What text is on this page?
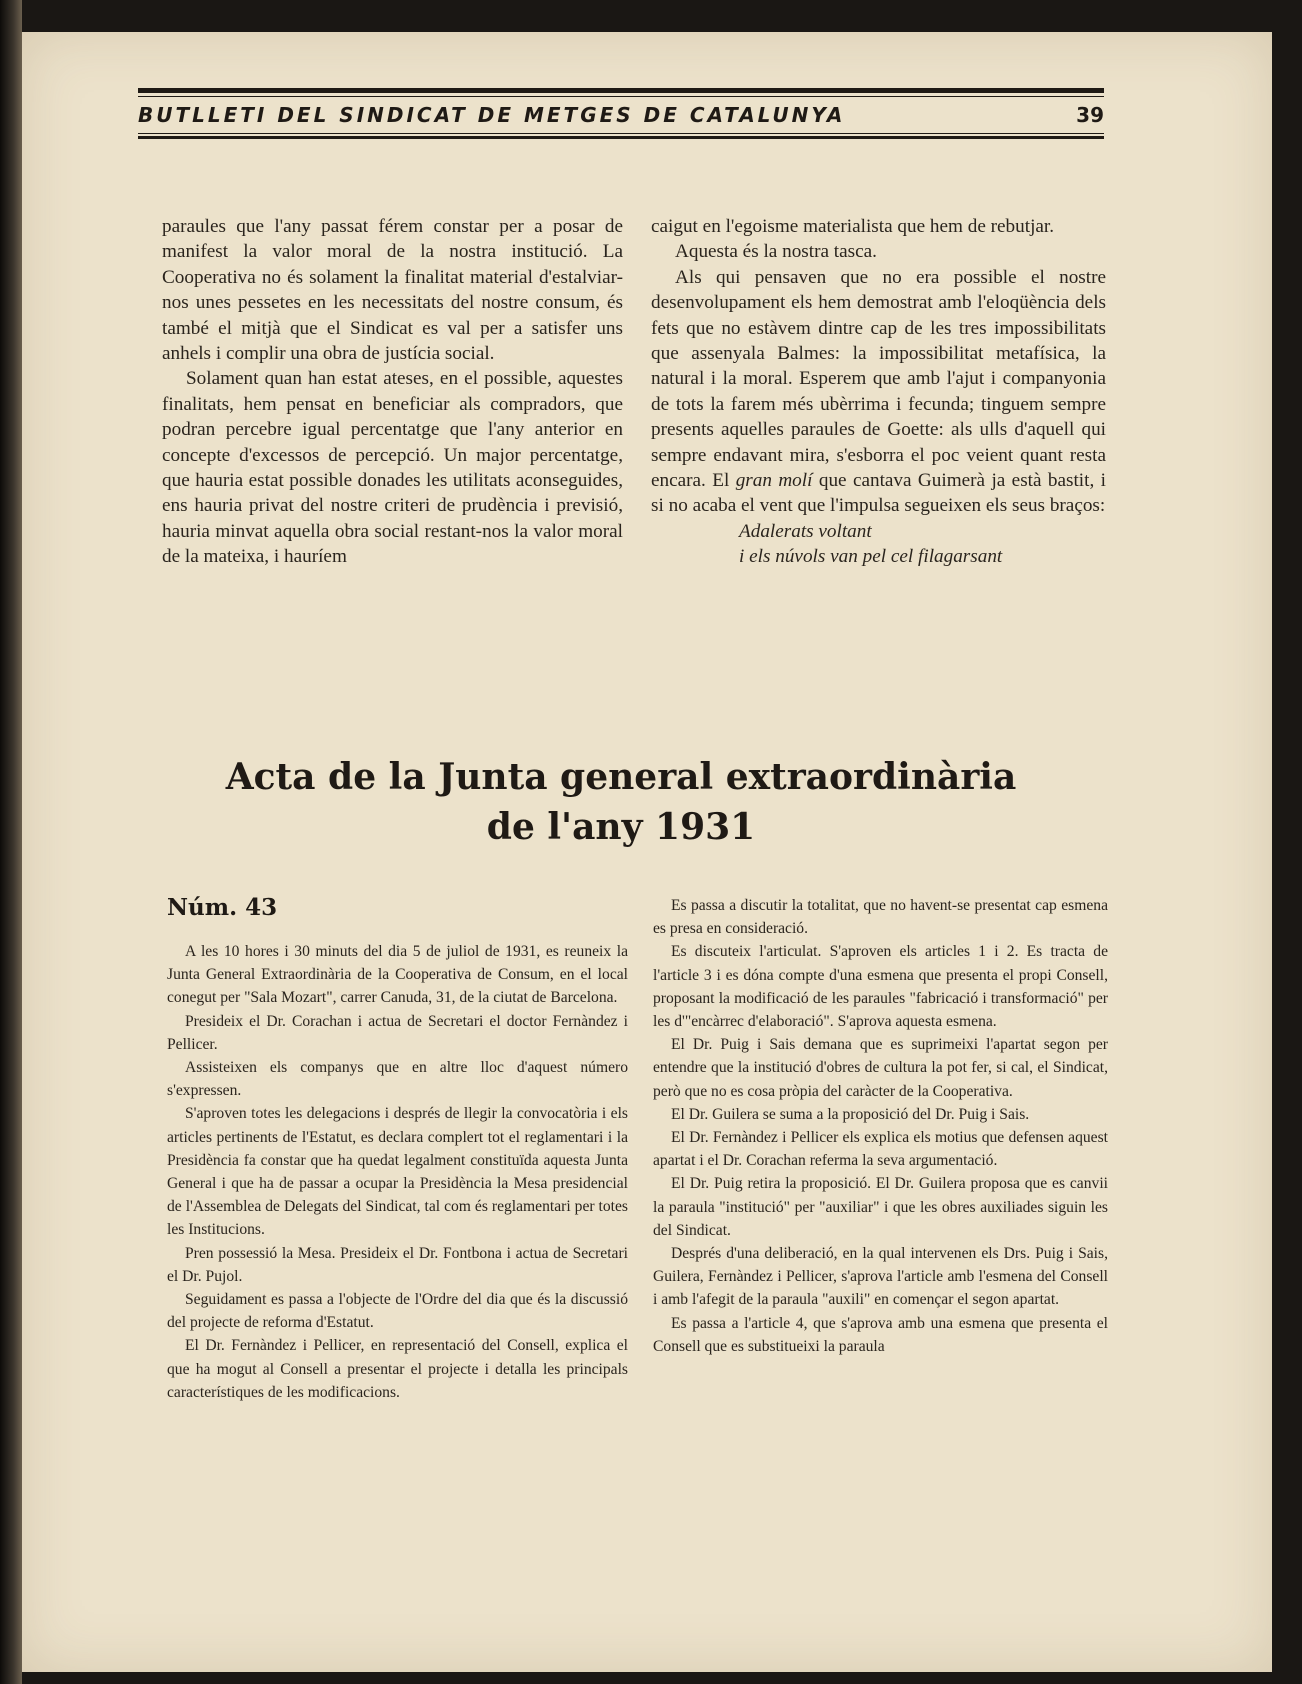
BUTLLETI DEL SINDICAT DE METGES DE CATALUNYA	39

paraules que l'any passat férem constar per a posar de manifest la valor moral de la nostra institució. La Cooperativa no és solament la finalitat material d'estalviar-nos unes pessetes en les necessitats del nostre consum, és també el mitjà que el Sindicat es val per a satisfer uns anhels i complir una obra de justícia social.

Solament quan han estat ateses, en el possible, aquestes finalitats, hem pensat en beneficiar als compradors, que podran percebre igual percentatge que l'any anterior en concepte d'excessos de percepció. Un major percentatge, que hauria estat possible donades les utilitats aconseguides, ens hauria privat del nostre criteri de prudència i previsió, hauria minvat aquella obra social restant-nos la valor moral de la mateixa, i hauríem

caigut en l'egoisme materialista que hem de rebutjar.

Aquesta és la nostra tasca.

Als qui pensaven que no era possible el nostre desenvolupament els hem demostrat amb l'eloqüència dels fets que no estàvem dintre cap de les tres impossibilitats que assenyala Balmes: la impossibilitat metafísica, la natural i la moral. Esperem que amb l'ajut i companyonia de tots la farem més ubèrrima i fecunda; tinguem sempre presents aquelles paraules de Goette: als ulls d'aquell qui sempre endavant mira, s'esborra el poc veient quant resta encara. El gran molí que cantava Guimerà ja està bastit, i si no acaba el vent que l'impulsa segueixen els seus braços:

Adalerats voltant

i els núvols van pel cel filagarsant

Acta de la Junta general extraordinària
de l'any 1931
Núm. 43

A les 10 hores i 30 minuts del dia 5 de juliol de 1931, es reuneix la Junta General Extraordinària de la Cooperativa de Consum, en el local conegut per "Sala Mozart", carrer Canuda, 31, de la ciutat de Barcelona.

Presideix el Dr. Corachan i actua de Secretari el doctor Fernàndez i Pellicer.

Assisteixen els companys que en altre lloc d'aquest número s'expressen.

S'aproven totes les delegacions i després de llegir la convocatòria i els articles pertinents de l'Estatut, es declara complert tot el reglamentari i la Presidència fa constar que ha quedat legalment constituïda aquesta Junta General i que ha de passar a ocupar la Presidència la Mesa presidencial de l'Assemblea de Delegats del Sindicat, tal com és reglamentari per totes les Institucions.

Pren possessió la Mesa. Presideix el Dr. Fontbona i actua de Secretari el Dr. Pujol.

Seguidament es passa a l'objecte de l'Ordre del dia que és la discussió del projecte de reforma d'Estatut.

El Dr. Fernàndez i Pellicer, en representació del Consell, explica el que ha mogut al Consell a presentar el projecte i detalla les principals característiques de les modificacions.

Es passa a discutir la totalitat, que no havent-se presentat cap esmena es presa en consideració.

Es discuteix l'articulat. S'aproven els articles 1 i 2. Es tracta de l'article 3 i es dóna compte d'una esmena que presenta el propi Consell, proposant la modificació de les paraules "fabricació i transformació" per les d'"encàrrec d'elaboració". S'aprova aquesta esmena.

El Dr. Puig i Sais demana que es suprimeixi l'apartat segon per entendre que la institució d'obres de cultura la pot fer, si cal, el Sindicat, però que no es cosa pròpia del caràcter de la Cooperativa.

El Dr. Guilera se suma a la proposició del Dr. Puig i Sais.

El Dr. Fernàndez i Pellicer els explica els motius que defensen aquest apartat i el Dr. Corachan referma la seva argumentació.

El Dr. Puig retira la proposició. El Dr. Guilera proposa que es canvii la paraula "institució" per "auxiliar" i que les obres auxiliades siguin les del Sindicat.

Després d'una deliberació, en la qual intervenen els Drs. Puig i Sais, Guilera, Fernàndez i Pellicer, s'aprova l'article amb l'esmena del Consell i amb l'afegit de la paraula "auxili" en començar el segon apartat.

Es passa a l'article 4, que s'aprova amb una esmena que presenta el Consell que es substitueixi la paraula
